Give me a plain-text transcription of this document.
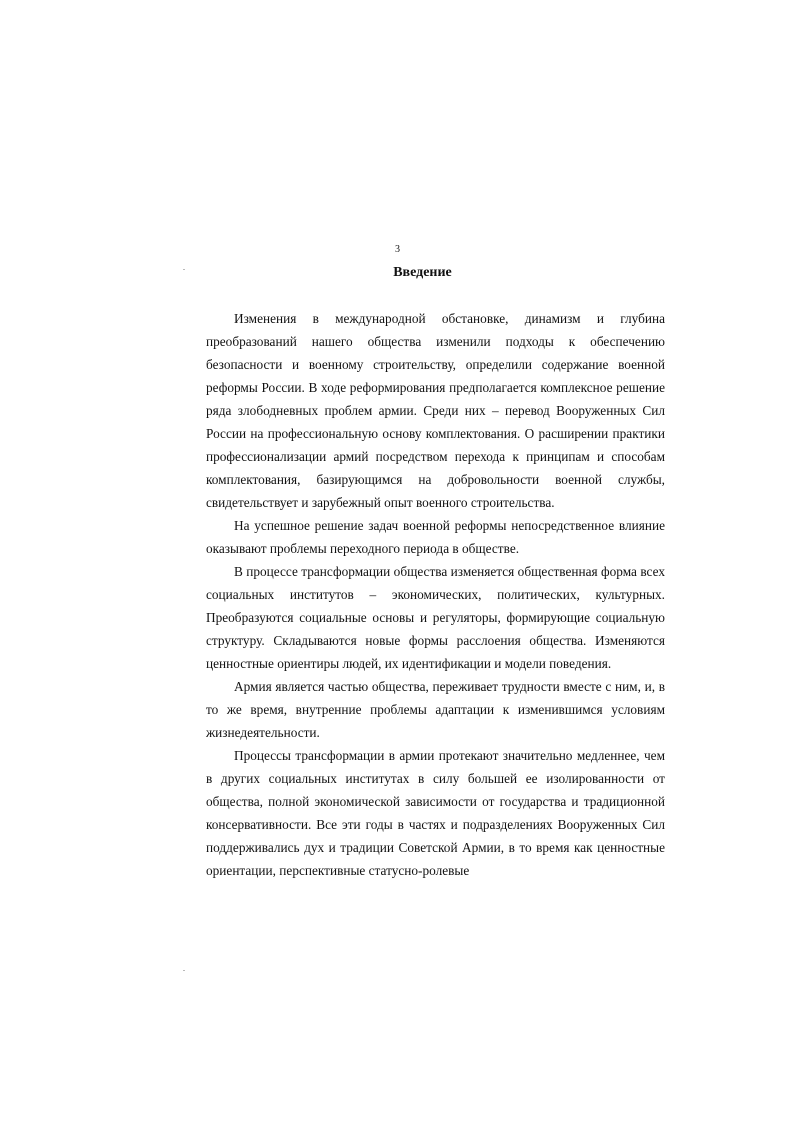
3
Введение

Изменения в международной обстановке, динамизм и глубина преобразований нашего общества изменили подходы к обеспечению безопасности и военному строительству, определили содержание военной реформы России. В ходе реформирования предполагается комплексное решение ряда злободневных проблем армии. Среди них – перевод Вооруженных Сил России на профессиональную основу комплектования. О расширении практики профессионализации армий посредством перехода к принципам и способам комплектования, базирующимся на добровольности военной службы, свидетельствует и зарубежный опыт военного строительства.

На успешное решение задач военной реформы непосредственное влияние оказывают проблемы переходного периода в обществе.

В процессе трансформации общества изменяется общественная форма всех социальных институтов – экономических, политических, культурных. Преобразуются социальные основы и регуляторы, формирующие социальную структуру. Складываются новые формы расслоения общества. Изменяются ценностные ориентиры людей, их идентификации и модели поведения.

Армия является частью общества, переживает трудности вместе с ним, и, в то же время, внутренние проблемы адаптации к изменившимся условиям жизнедеятельности.

Процессы трансформации в армии протекают значительно медленнее, чем в других социальных институтах в силу большей ее изолированности от общества, полной экономической зависимости от государства и традиционной консервативности. Все эти годы в частях и подразделениях Вооруженных Сил поддерживались дух и традиции Советской Армии, в то время как ценностные ориентации, перспективные статусно-ролевые
